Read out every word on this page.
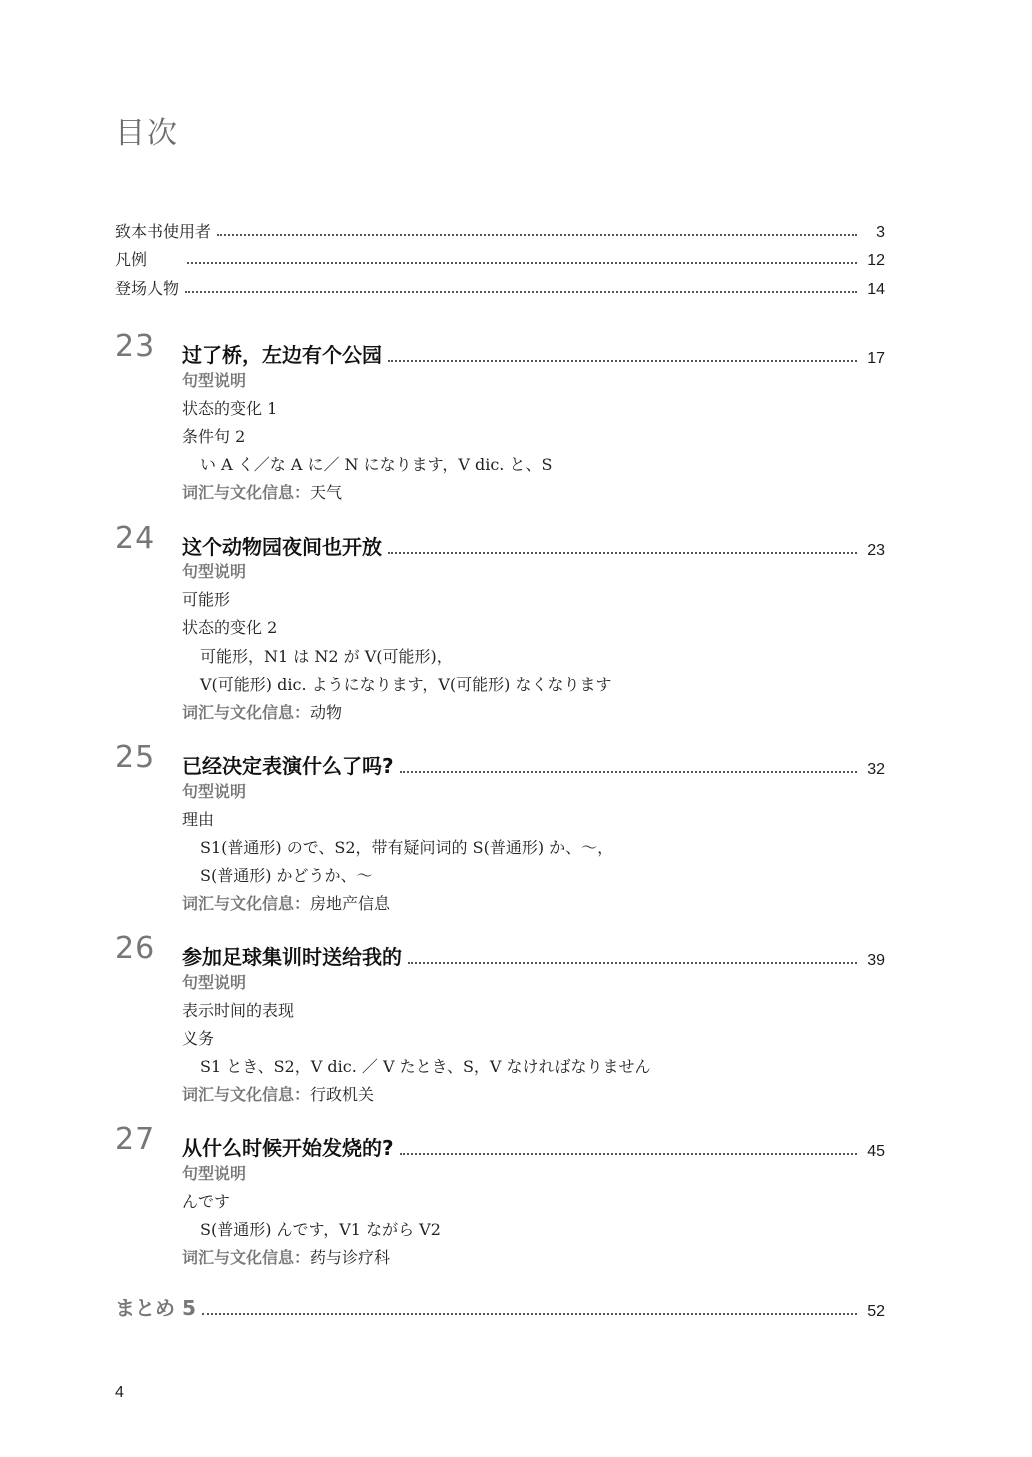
目次
致本书使用者	3
凡例	12
登场人物	14
23 过了桥，左边有个公园	17
句型说明
状态的变化 1
条件句 2
い A く／な A に／ N になります，V dic. と、S
词汇与文化信息：天气
24 这个动物园夜间也开放	23
句型说明
可能形
状态的变化 2
可能形，N1 は N2 が V(可能形)，
V(可能形) dic. ようになります，V(可能形) なくなります
词汇与文化信息：动物
25 已经决定表演什么了吗?	32
句型说明
理由
S1(普通形) ので、S2，带有疑问词的 S(普通形) か、～，
S(普通形) かどうか、～
词汇与文化信息：房地产信息
26 参加足球集训时送给我的	39
句型说明
表示时间的表现
义务
S1 とき、S2，V dic. ／ V たとき、S，V なければなりません
词汇与文化信息：行政机关
27 从什么时候开始发烧的?	45
句型说明
んです
S(普通形) んです，V1 ながら V2
词汇与文化信息：药与诊疗科
まとめ 5	52
4
